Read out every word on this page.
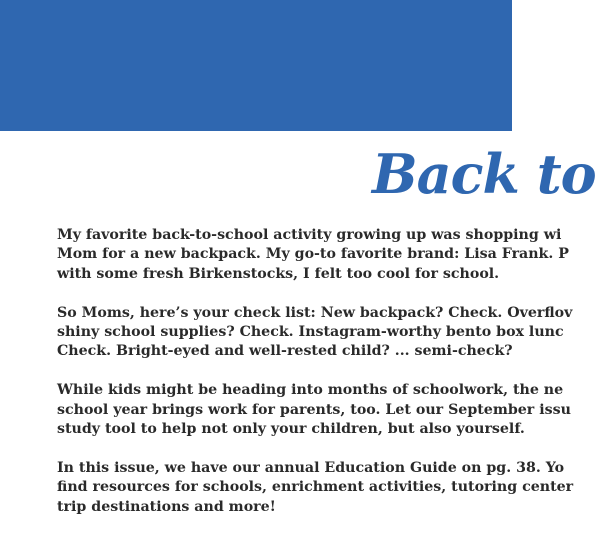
Back to

My favorite back-to-school activity growing up was shopping wi
Mom for a new backpack. My go-to favorite brand: Lisa Frank. P
with some fresh Birkenstocks, I felt too cool for school.

So Moms, here’s your check list: New backpack? Check. Overflov
shiny school supplies? Check. Instagram-worthy bento box lunc
Check. Bright-eyed and well-rested child? ... semi-check?

While kids might be heading into months of schoolwork, the ne
school year brings work for parents, too. Let our September issu
study tool to help not only your children, but also yourself.

In this issue, we have our annual Education Guide on pg. 38. Yo
find resources for schools, enrichment activities, tutoring center
trip destinations and more!
